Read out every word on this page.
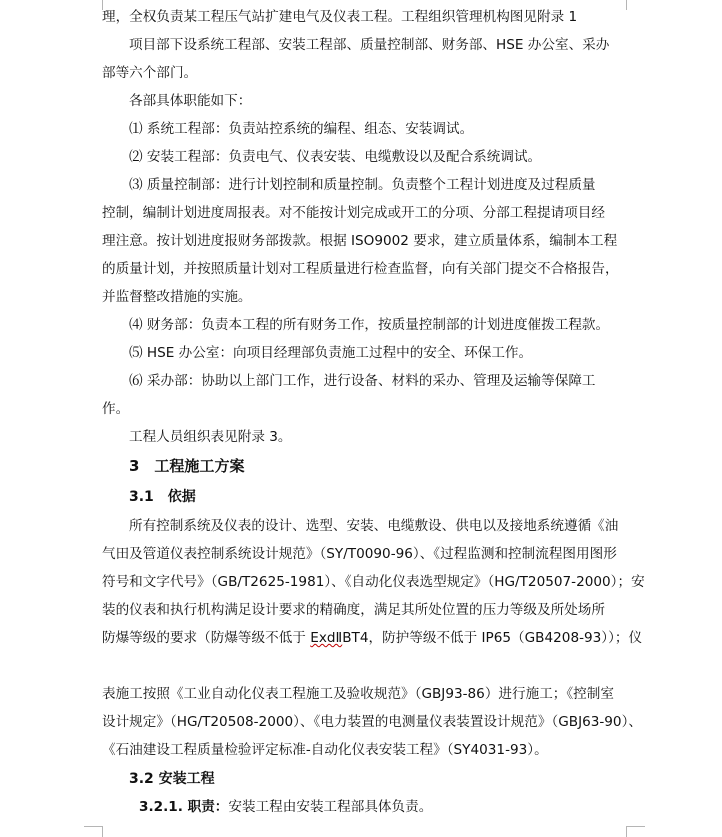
理，全权负责某工程压气站扩建电气及仪表工程。工程组织管理机构图见附录 1
项目部下设系统工程部、安装工程部、质量控制部、财务部、HSE 办公室、采办
部等六个部门。
各部具体职能如下：
⑴ 系统工程部：负责站控系统的编程、组态、安装调试。
⑵ 安装工程部：负责电气、仪表安装、电缆敷设以及配合系统调试。
⑶ 质量控制部：进行计划控制和质量控制。负责整个工程计划进度及过程质量
控制，编制计划进度周报表。对不能按计划完成或开工的分项、分部工程提请项目经
理注意。按计划进度报财务部拨款。根据 ISO9002 要求，建立质量体系，编制本工程
的质量计划，并按照质量计划对工程质量进行检查监督，向有关部门提交不合格报告，
并监督整改措施的实施。
⑷ 财务部：负责本工程的所有财务工作，按质量控制部的计划进度催拨工程款。
⑸ HSE 办公室：向项目经理部负责施工过程中的安全、环保工作。
⑹ 采办部：协助以上部门工作，进行设备、材料的采办、管理及运输等保障工
作。
工程人员组织表见附录 3。
3　工程施工方案
3.1　依据
所有控制系统及仪表的设计、选型、安装、电缆敷设、供电以及接地系统遵循《油
气田及管道仪表控制系统设计规范》（SY/T0090-96）、《过程监测和控制流程图用图形
符号和文字代号》（GB/T2625-1981）、《自动化仪表选型规定》（HG/T20507-2000）；安
装的仪表和执行机构满足设计要求的精确度，满足其所处位置的压力等级及所处场所
防爆等级的要求（防爆等级不低于 ExdⅡBT4，防护等级不低于 IP65（GB4208-93））；仪
表施工按照《工业自动化仪表工程施工及验收规范》（GBJ93-86）进行施工；《控制室
设计规定》（HG/T20508-2000）、《电力装置的电测量仪表装置设计规范》（GBJ63-90）、
《石油建设工程质量检验评定标准-自动化仪表安装工程》（SY4031-93）。
3.2 安装工程
3.2.1. 职责：安装工程由安装工程部具体负责。
